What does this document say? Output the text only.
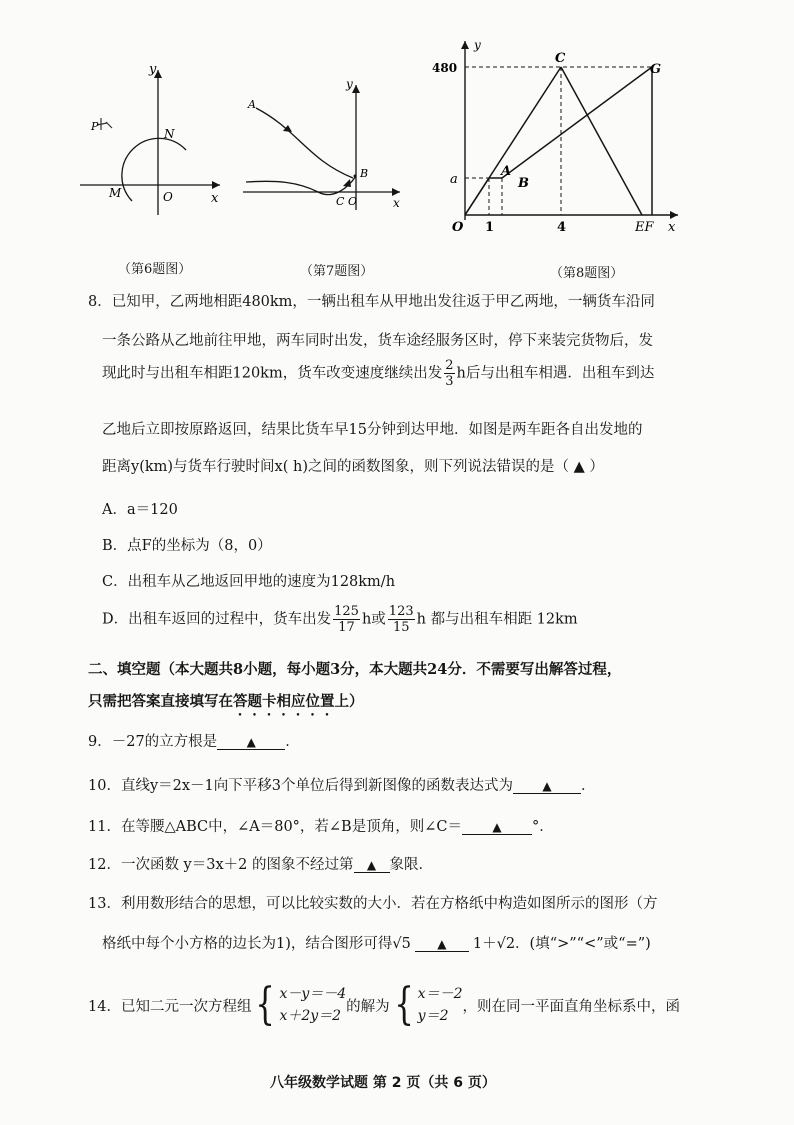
y
x
O
N
M
P
（第6题图）
y
x
O
A
B
C
（第7题图）
y
480
a
O 1	4	EF x
C
G
A
B
（第8题图）
8．已知甲，乙两地相距480km，一辆出租车从甲地出发往返于甲乙两地，一辆货车沿同
一条公路从乙地前往甲地，两车同时出发，货车途经服务区时，停下来装完货物后，发
现此时与出租车相距120km，货车改变速度继续出发 $\frac{2}{3}$ h后与出租车相遇．出租车到达
乙地后立即按原路返回，结果比货车早15分钟到达甲地．如图是两车距各自出发地的
距离y(km)与货车行驶时间x( h)之间的函数图象，则下列说法错误的是（ ▲ ）
A．a＝120
B．点F的坐标为（8，0）
C．出租车从乙地返回甲地的速度为128km/h
D．出租车返回的过程中，货车出发 $\frac{125}{17}$ h或 $\frac{123}{15}$ h 都与出租车相距 12km
二、填空题（本大题共8小题，每小题3分，本大题共24分．不需要写出解答过程，
只需把答案直接填写在答题卡相应位置上）
9．－27的立方根是 ▲ ．
10．直线y＝2x－1向下平移3个单位后得到新图像的函数表达式为 ▲ ．
11．在等腰△ABC中，∠A＝80°，若∠B是顶角，则∠C＝	▲ °．
12．一次函数 y＝3x＋2 的图象不经过第 ▲ 象限．
13．利用数形结合的思想，可以比较实数的大小．若在方格纸中构造如图所示的图形（方
格纸中每个小方格的边长为1)，结合图形可得√5 ▲ 1＋√2．(填“>”“<”或“=”)
14．已知二元一次方程组 { x－y＝－4
x＋2y＝2
的解为 { x＝－2
y＝2
，则在同一平面直角坐标系中，函
八年级数学试题 第 2 页（共 6 页）
